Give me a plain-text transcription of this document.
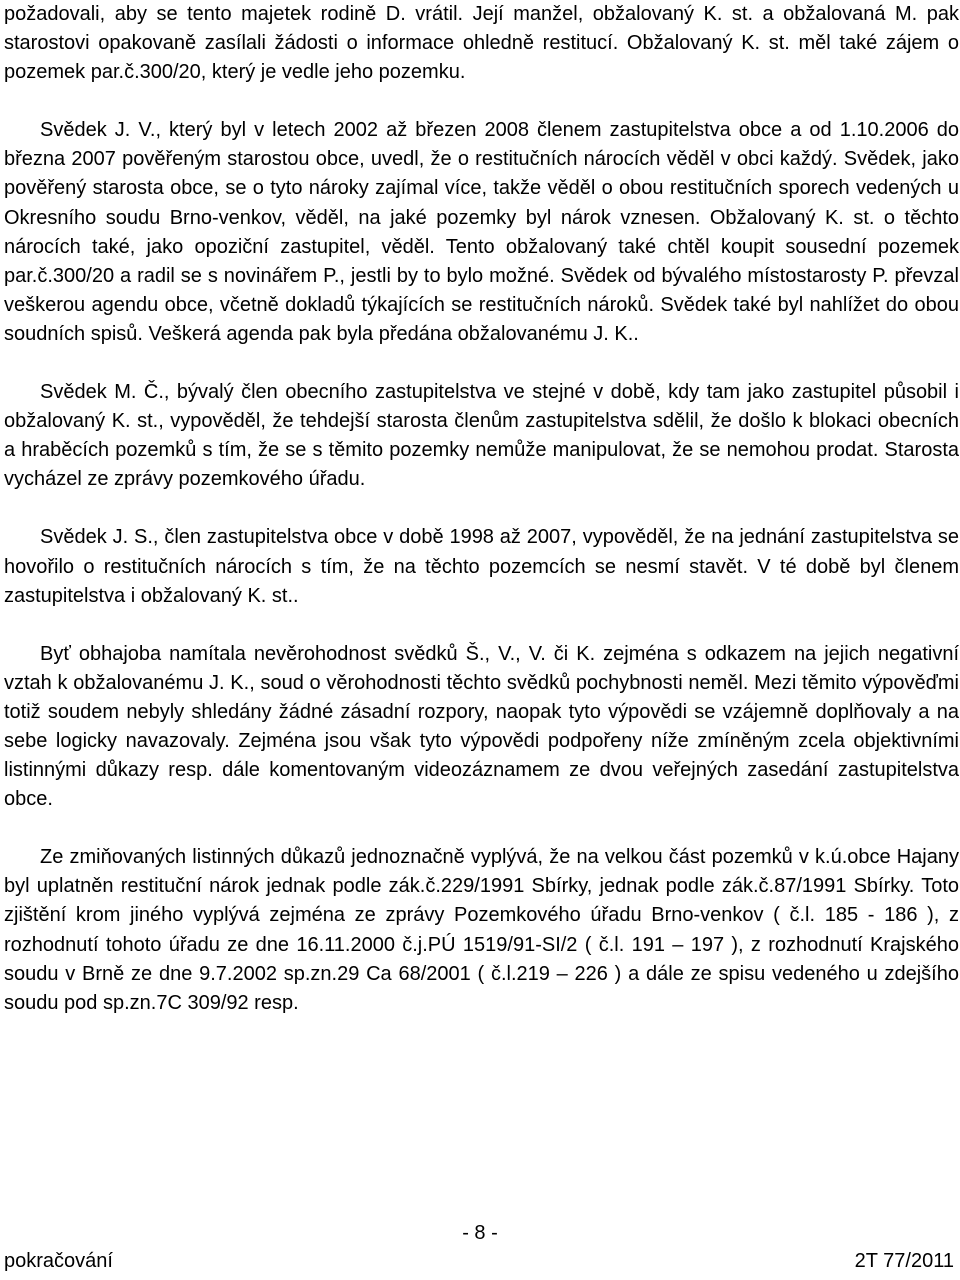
požadovali, aby se tento majetek rodině D. vrátil. Její manžel, obžalovaný K. st. a obžalovaná M. pak starostovi opakovaně zasílali žádosti o informace ohledně restitucí. Obžalovaný K. st. měl také zájem o pozemek par.č.300/20, který je vedle jeho pozemku.

Svědek J. V., který byl v letech 2002 až březen 2008 členem zastupitelstva obce a od 1.10.2006 do března 2007 pověřeným starostou obce, uvedl, že o restitučních nárocích věděl v obci každý. Svědek, jako pověřený starosta obce, se o tyto nároky zajímal více, takže věděl o obou restitučních sporech vedených u Okresního soudu Brno-venkov, věděl, na jaké pozemky byl nárok vznesen. Obžalovaný K. st. o těchto nárocích také, jako opoziční zastupitel, věděl. Tento obžalovaný také chtěl koupit sousední pozemek par.č.300/20 a radil se s novinářem P., jestli by to bylo možné. Svědek od bývalého místostarosty P. převzal veškerou agendu obce, včetně dokladů týkajících se restitučních nároků. Svědek také byl nahlížet do obou soudních spisů. Veškerá agenda pak byla předána obžalovanému J. K..

Svědek M. Č., bývalý člen obecního zastupitelstva ve stejné v době, kdy tam jako zastupitel působil i obžalovaný K. st., vypověděl, že tehdejší starosta členům zastupitelstva sdělil, že došlo k blokaci obecních a hraběcích pozemků s tím, že se s těmito pozemky nemůže manipulovat, že se nemohou prodat. Starosta vycházel ze zprávy pozemkového úřadu.

Svědek J. S., člen zastupitelstva obce v době 1998 až 2007, vypověděl, že na jednání zastupitelstva se hovořilo o restitučních nárocích s tím, že na těchto pozemcích se nesmí stavět. V té době byl členem zastupitelstva i obžalovaný K. st..

Byť obhajoba namítala nevěrohodnost svědků Š., V., V. či K. zejména s odkazem na jejich negativní vztah k obžalovanému J. K., soud o věrohodnosti těchto svědků pochybnosti neměl. Mezi těmito výpověďmi totiž soudem nebyly shledány žádné zásadní rozpory, naopak tyto výpovědi se vzájemně doplňovaly a na sebe logicky navazovaly. Zejména jsou však tyto výpovědi podpořeny níže zmíněným zcela objektivními listinnými důkazy resp. dále komentovaným videozáznamem ze dvou veřejných zasedání zastupitelstva obce.

Ze zmiňovaných listinných důkazů jednoznačně vyplývá, že na velkou část pozemků v k.ú.obce Hajany byl uplatněn restituční nárok jednak podle zák.č.229/1991 Sbírky, jednak podle zák.č.87/1991 Sbírky. Toto zjištění krom jiného vyplývá zejména ze zprávy Pozemkového úřadu Brno-venkov ( č.l. 185 - 186 ), z rozhodnutí tohoto úřadu ze dne 16.11.2000 č.j.PÚ 1519/91-SI/2 ( č.l. 191 – 197 ), z rozhodnutí Krajského soudu v Brně ze dne 9.7.2002 sp.zn.29 Ca 68/2001 ( č.l.219 – 226 ) a dále ze spisu vedeného u zdejšího soudu pod sp.zn.7C 309/92 resp.

- 8 -
pokračování	2T 77/2011
